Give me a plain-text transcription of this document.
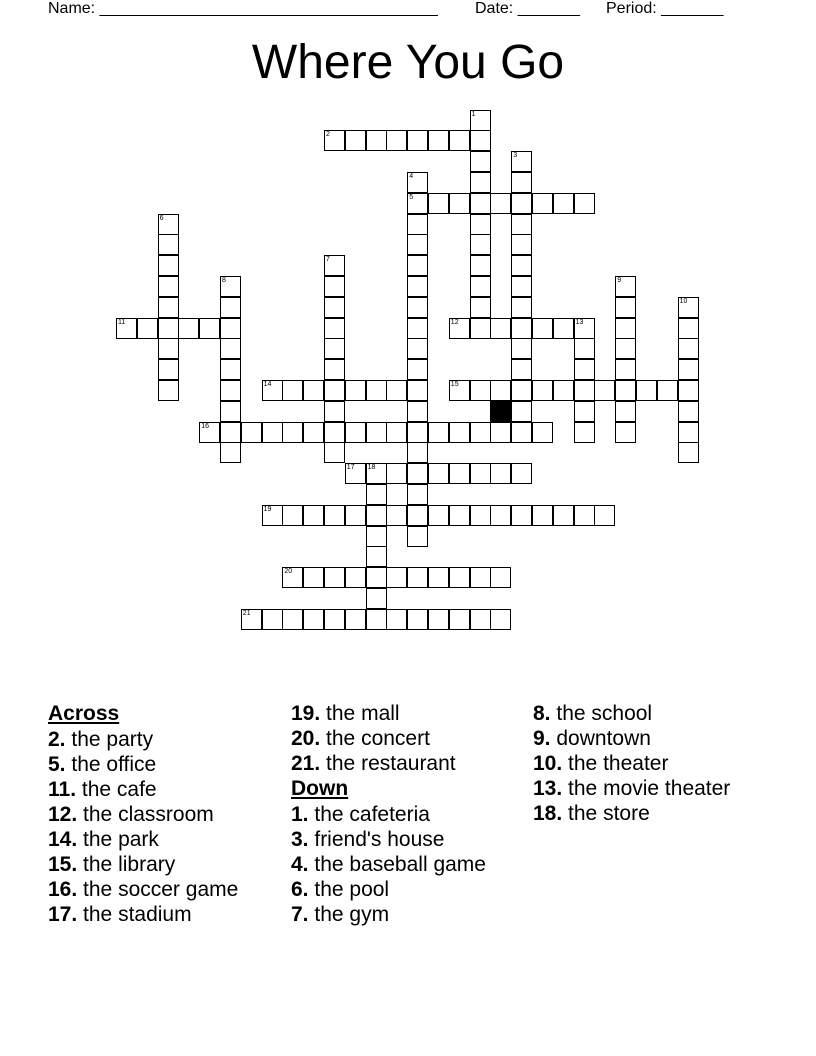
Name: ______________________________________ Date: _______ Period: _______
Where You Go
1
2
3
4
5
6
7
8	9
10
11	12	13
14	15
16
17 18
19
20
21
Across
2. the party
5. the office
11. the cafe
12. the classroom
14. the park
15. the library
16. the soccer game
17. the stadium
19. the mall
20. the concert
21. the restaurant
Down
1. the cafeteria
3. friend's house
4. the baseball game
6. the pool
7. the gym
8. the school
9. downtown
10. the theater
13. the movie theater
18. the store
